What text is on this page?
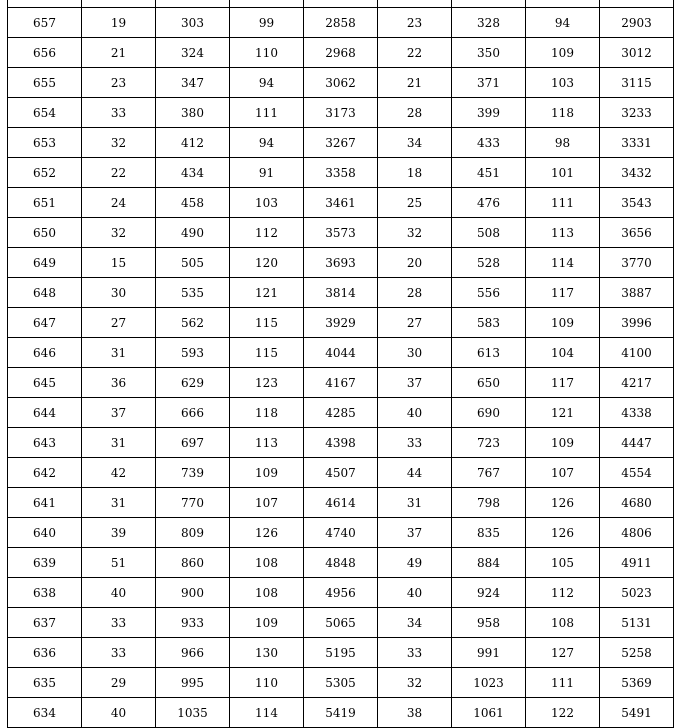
657	19	303	99	2858	23	328	94	2903
656	21	324	110	2968	22	350	109	3012
655	23	347	94	3062	21	371	103	3115
654	33	380	111	3173	28	399	118	3233
653	32	412	94	3267	34	433	98	3331
652	22	434	91	3358	18	451	101	3432
651	24	458	103	3461	25	476	111	3543
650	32	490	112	3573	32	508	113	3656
649	15	505	120	3693	20	528	114	3770
648	30	535	121	3814	28	556	117	3887
647	27	562	115	3929	27	583	109	3996
646	31	593	115	4044	30	613	104	4100
645	36	629	123	4167	37	650	117	4217
644	37	666	118	4285	40	690	121	4338
643	31	697	113	4398	33	723	109	4447
642	42	739	109	4507	44	767	107	4554
641	31	770	107	4614	31	798	126	4680
640	39	809	126	4740	37	835	126	4806
639	51	860	108	4848	49	884	105	4911
638	40	900	108	4956	40	924	112	5023
637	33	933	109	5065	34	958	108	5131
636	33	966	130	5195	33	991	127	5258
635	29	995	110	5305	32	1023	111	5369
634	40	1035	114	5419	38	1061	122	5491
